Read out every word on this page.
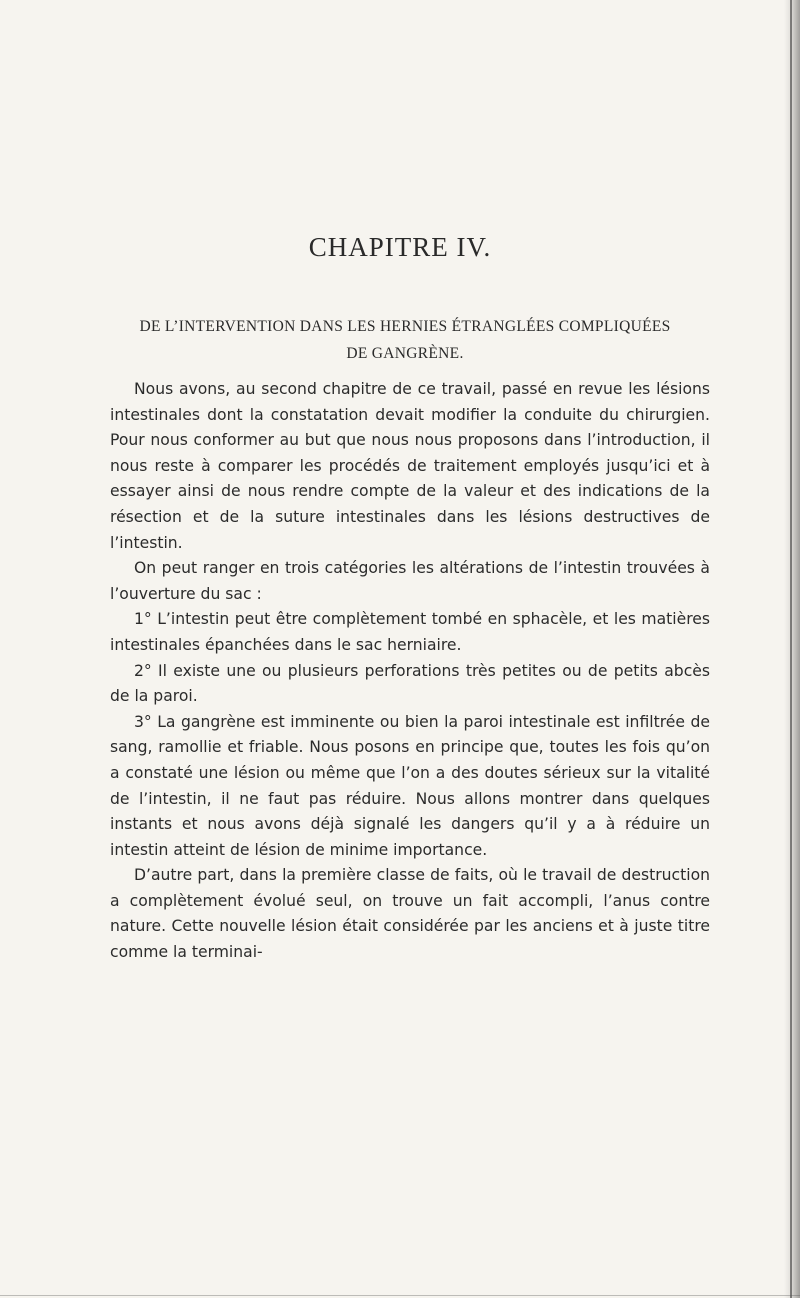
CHAPITRE IV.
DE L’INTERVENTION DANS LES HERNIES ÉTRANGLÉES COMPLIQUÉES
DE GANGRÈNE.

Nous avons, au second chapitre de ce travail, passé en revue les lésions intestinales dont la constatation devait modifier la conduite du chirurgien. Pour nous conformer au but que nous nous proposons dans l’introduction, il nous reste à comparer les procédés de traitement employés jusqu’ici et à essayer ainsi de nous rendre compte de la valeur et des indications de la résection et de la suture intestinales dans les lésions destructives de l’intestin.

On peut ranger en trois catégories les altérations de l’intestin trouvées à l’ouverture du sac :

1° L’intestin peut être complètement tombé en sphacèle, et les matières intestinales épanchées dans le sac herniaire.

2° Il existe une ou plusieurs perforations très petites ou de petits abcès de la paroi.

3° La gangrène est imminente ou bien la paroi intestinale est infiltrée de sang, ramollie et friable. Nous posons en principe que, toutes les fois qu’on a constaté une lésion ou même que l’on a des doutes sérieux sur la vitalité de l’intestin, il ne faut pas réduire. Nous allons montrer dans quelques instants et nous avons déjà signalé les dangers qu’il y a à réduire un intestin atteint de lésion de minime importance.

D’autre part, dans la première classe de faits, où le travail de destruction a complètement évolué seul, on trouve un fait accompli, l’anus contre nature. Cette nouvelle lésion était considérée par les anciens et à juste titre comme la terminai-
